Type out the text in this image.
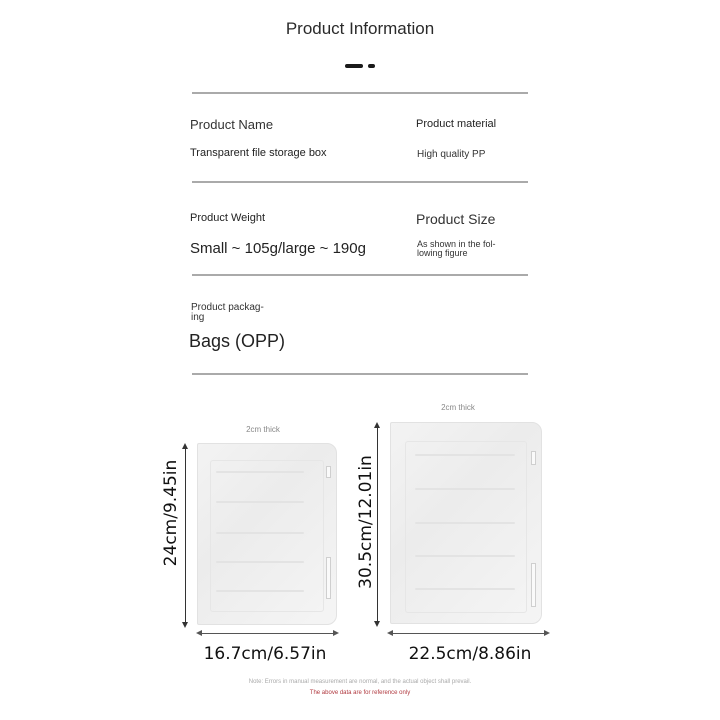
Product Information
Product Name
Transparent file storage box
Product material
High quality PP
Product Weight
Small ~ 105g/large ~ 190g
Product Size
As shown in the fol-
lowing figure
Product packag-
ing
Bags (OPP)
2cm thick
24cm/9.45in
16.7cm/6.57in
2cm thick
30.5cm/12.01in
22.5cm/8.86in
Note: Errors in manual measurement are normal, and the actual object shall prevail.
The above data are for reference only
